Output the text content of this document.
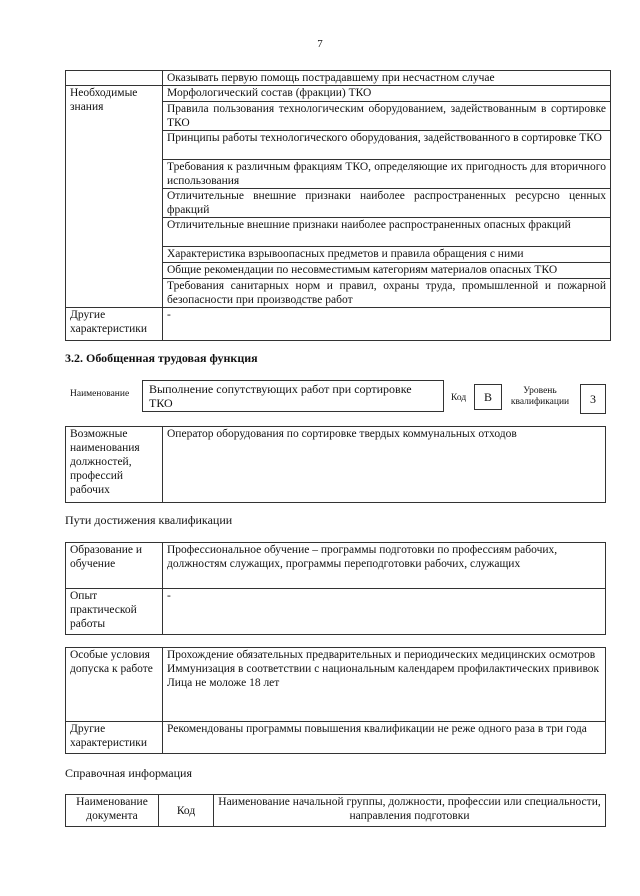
7
	Оказывать первую помощь пострадавшему при несчастном случае
Необходимые знания	Морфологический состав (фракции) ТКО
	Правила пользования технологическим оборудованием, задействованным в сортировке ТКО
	Принципы работы технологического оборудования, задействованного в сортировке ТКО
	Требования к различным фракциям ТКО, определяющие их пригодность для вторичного использования
	Отличительные внешние признаки наиболее распространенных ресурсно ценных фракций
	Отличительные внешние признаки наиболее распространенных опасных фракций
	Характеристика взрывоопасных предметов и правила обращения с ними
	Общие рекомендации по несовместимым категориям материалов опасных ТКО
	Требования санитарных норм и правил, охраны труда, промышленной и пожарной безопасности при производстве работ
Другие характеристики	-
3.2. Обобщенная трудовая функция
Наименование	Выполнение сопутствующих работ при сортировке ТКО	Код	В	Уровень квалификации	3
Возможные наименования должностей, профессий рабочих	Оператор оборудования по сортировке твердых коммунальных отходов
Пути достижения квалификации
Образование и обучение	Профессиональное обучение – программы подготовки по профессиям рабочих, должностям служащих, программы переподготовки рабочих, служащих
Опыт практической работы	-
Особые условия допуска к работе	Прохождение обязательных предварительных и периодических медицинских осмотров
Иммунизация в соответствии с национальным календарем профилактических прививок
Лица не моложе 18 лет

Другие характеристики	Рекомендованы программы повышения квалификации не реже одного раза в три года
Справочная информация
Наименование документа	Код	Наименование начальной группы, должности, профессии или специальности, направления подготовки
